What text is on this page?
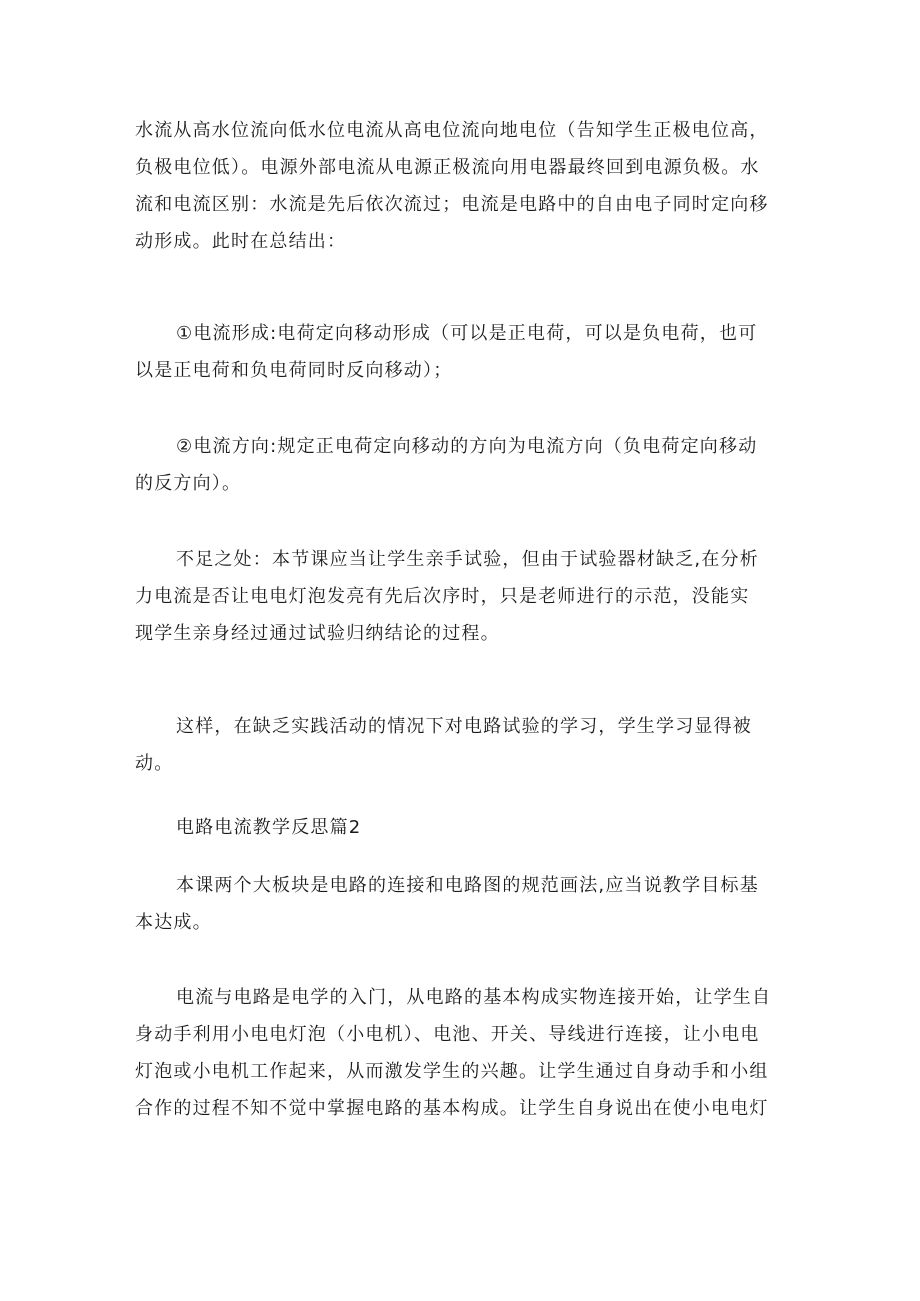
水流从高水位流向低水位电流从高电位流向地电位（告知学生正极电位高，
负极电位低）。电源外部电流从电源正极流向用电器最终回到电源负极。水
流和电流区别：水流是先后依次流过；电流是电路中的自由电子同时定向移
动形成。此时在总结出：
①电流形成:电荷定向移动形成（可以是正电荷，可以是负电荷，也可
以是正电荷和负电荷同时反向移动）；
②电流方向:规定正电荷定向移动的方向为电流方向（负电荷定向移动
的反方向）。
不足之处：本节课应当让学生亲手试验，但由于试验器材缺乏,在分析
力电流是否让电电灯泡发亮有先后次序时，只是老师进行的示范，没能实
现学生亲身经过通过试验归纳结论的过程。
这样，在缺乏实践活动的情况下对电路试验的学习，学生学习显得被
动。
电路电流教学反思篇2
本课两个大板块是电路的连接和电路图的规范画法,应当说教学目标基
本达成。
电流与电路是电学的入门，从电路的基本构成实物连接开始，让学生自
身动手利用小电电灯泡（小电机）、电池、开关、导线进行连接，让小电电
灯泡或小电机工作起来，从而激发学生的兴趣。让学生通过自身动手和小组
合作的过程不知不觉中掌握电路的基本构成。让学生自身说出在使小电电灯
